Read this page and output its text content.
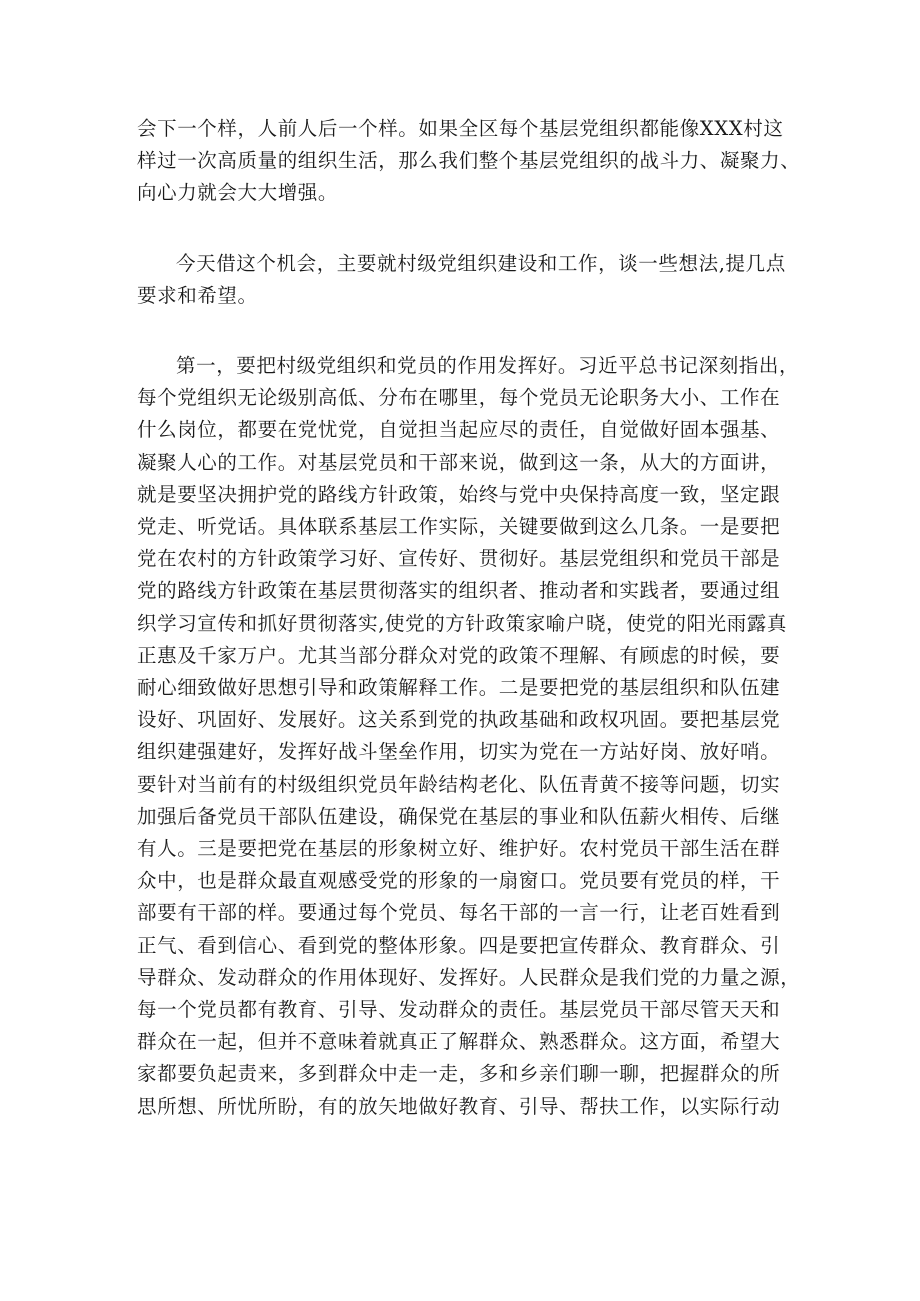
会下一个样，人前人后一个样。如果全区每个基层党组织都能像XXX村这
样过一次高质量的组织生活，那么我们整个基层党组织的战斗力、凝聚力、
向心力就会大大增强。

今天借这个机会，主要就村级党组织建设和工作，谈一些想法,提几点
要求和希望。

第一，要把村级党组织和党员的作用发挥好。习近平总书记深刻指出，
每个党组织无论级别高低、分布在哪里，每个党员无论职务大小、工作在
什么岗位，都要在党忧党，自觉担当起应尽的责任，自觉做好固本强基、
凝聚人心的工作。对基层党员和干部来说，做到这一条，从大的方面讲，
就是要坚决拥护党的路线方针政策，始终与党中央保持高度一致，坚定跟
党走、听党话。具体联系基层工作实际，关键要做到这么几条。一是要把
党在农村的方针政策学习好、宣传好、贯彻好。基层党组织和党员干部是
党的路线方针政策在基层贯彻落实的组织者、推动者和实践者，要通过组
织学习宣传和抓好贯彻落实,使党的方针政策家喻户晓，使党的阳光雨露真
正惠及千家万户。尤其当部分群众对党的政策不理解、有顾虑的时候，要
耐心细致做好思想引导和政策解释工作。二是要把党的基层组织和队伍建
设好、巩固好、发展好。这关系到党的执政基础和政权巩固。要把基层党
组织建强建好，发挥好战斗堡垒作用，切实为党在一方站好岗、放好哨。
要针对当前有的村级组织党员年龄结构老化、队伍青黄不接等问题，切实
加强后备党员干部队伍建设，确保党在基层的事业和队伍薪火相传、后继
有人。三是要把党在基层的形象树立好、维护好。农村党员干部生活在群
众中，也是群众最直观感受党的形象的一扇窗口。党员要有党员的样，干
部要有干部的样。要通过每个党员、每名干部的一言一行，让老百姓看到
正气、看到信心、看到党的整体形象。四是要把宣传群众、教育群众、引
导群众、发动群众的作用体现好、发挥好。人民群众是我们党的力量之源，
每一个党员都有教育、引导、发动群众的责任。基层党员干部尽管天天和
群众在一起，但并不意味着就真正了解群众、熟悉群众。这方面，希望大
家都要负起责来，多到群众中走一走，多和乡亲们聊一聊，把握群众的所
思所想、所忧所盼，有的放矢地做好教育、引导、帮扶工作，以实际行动
